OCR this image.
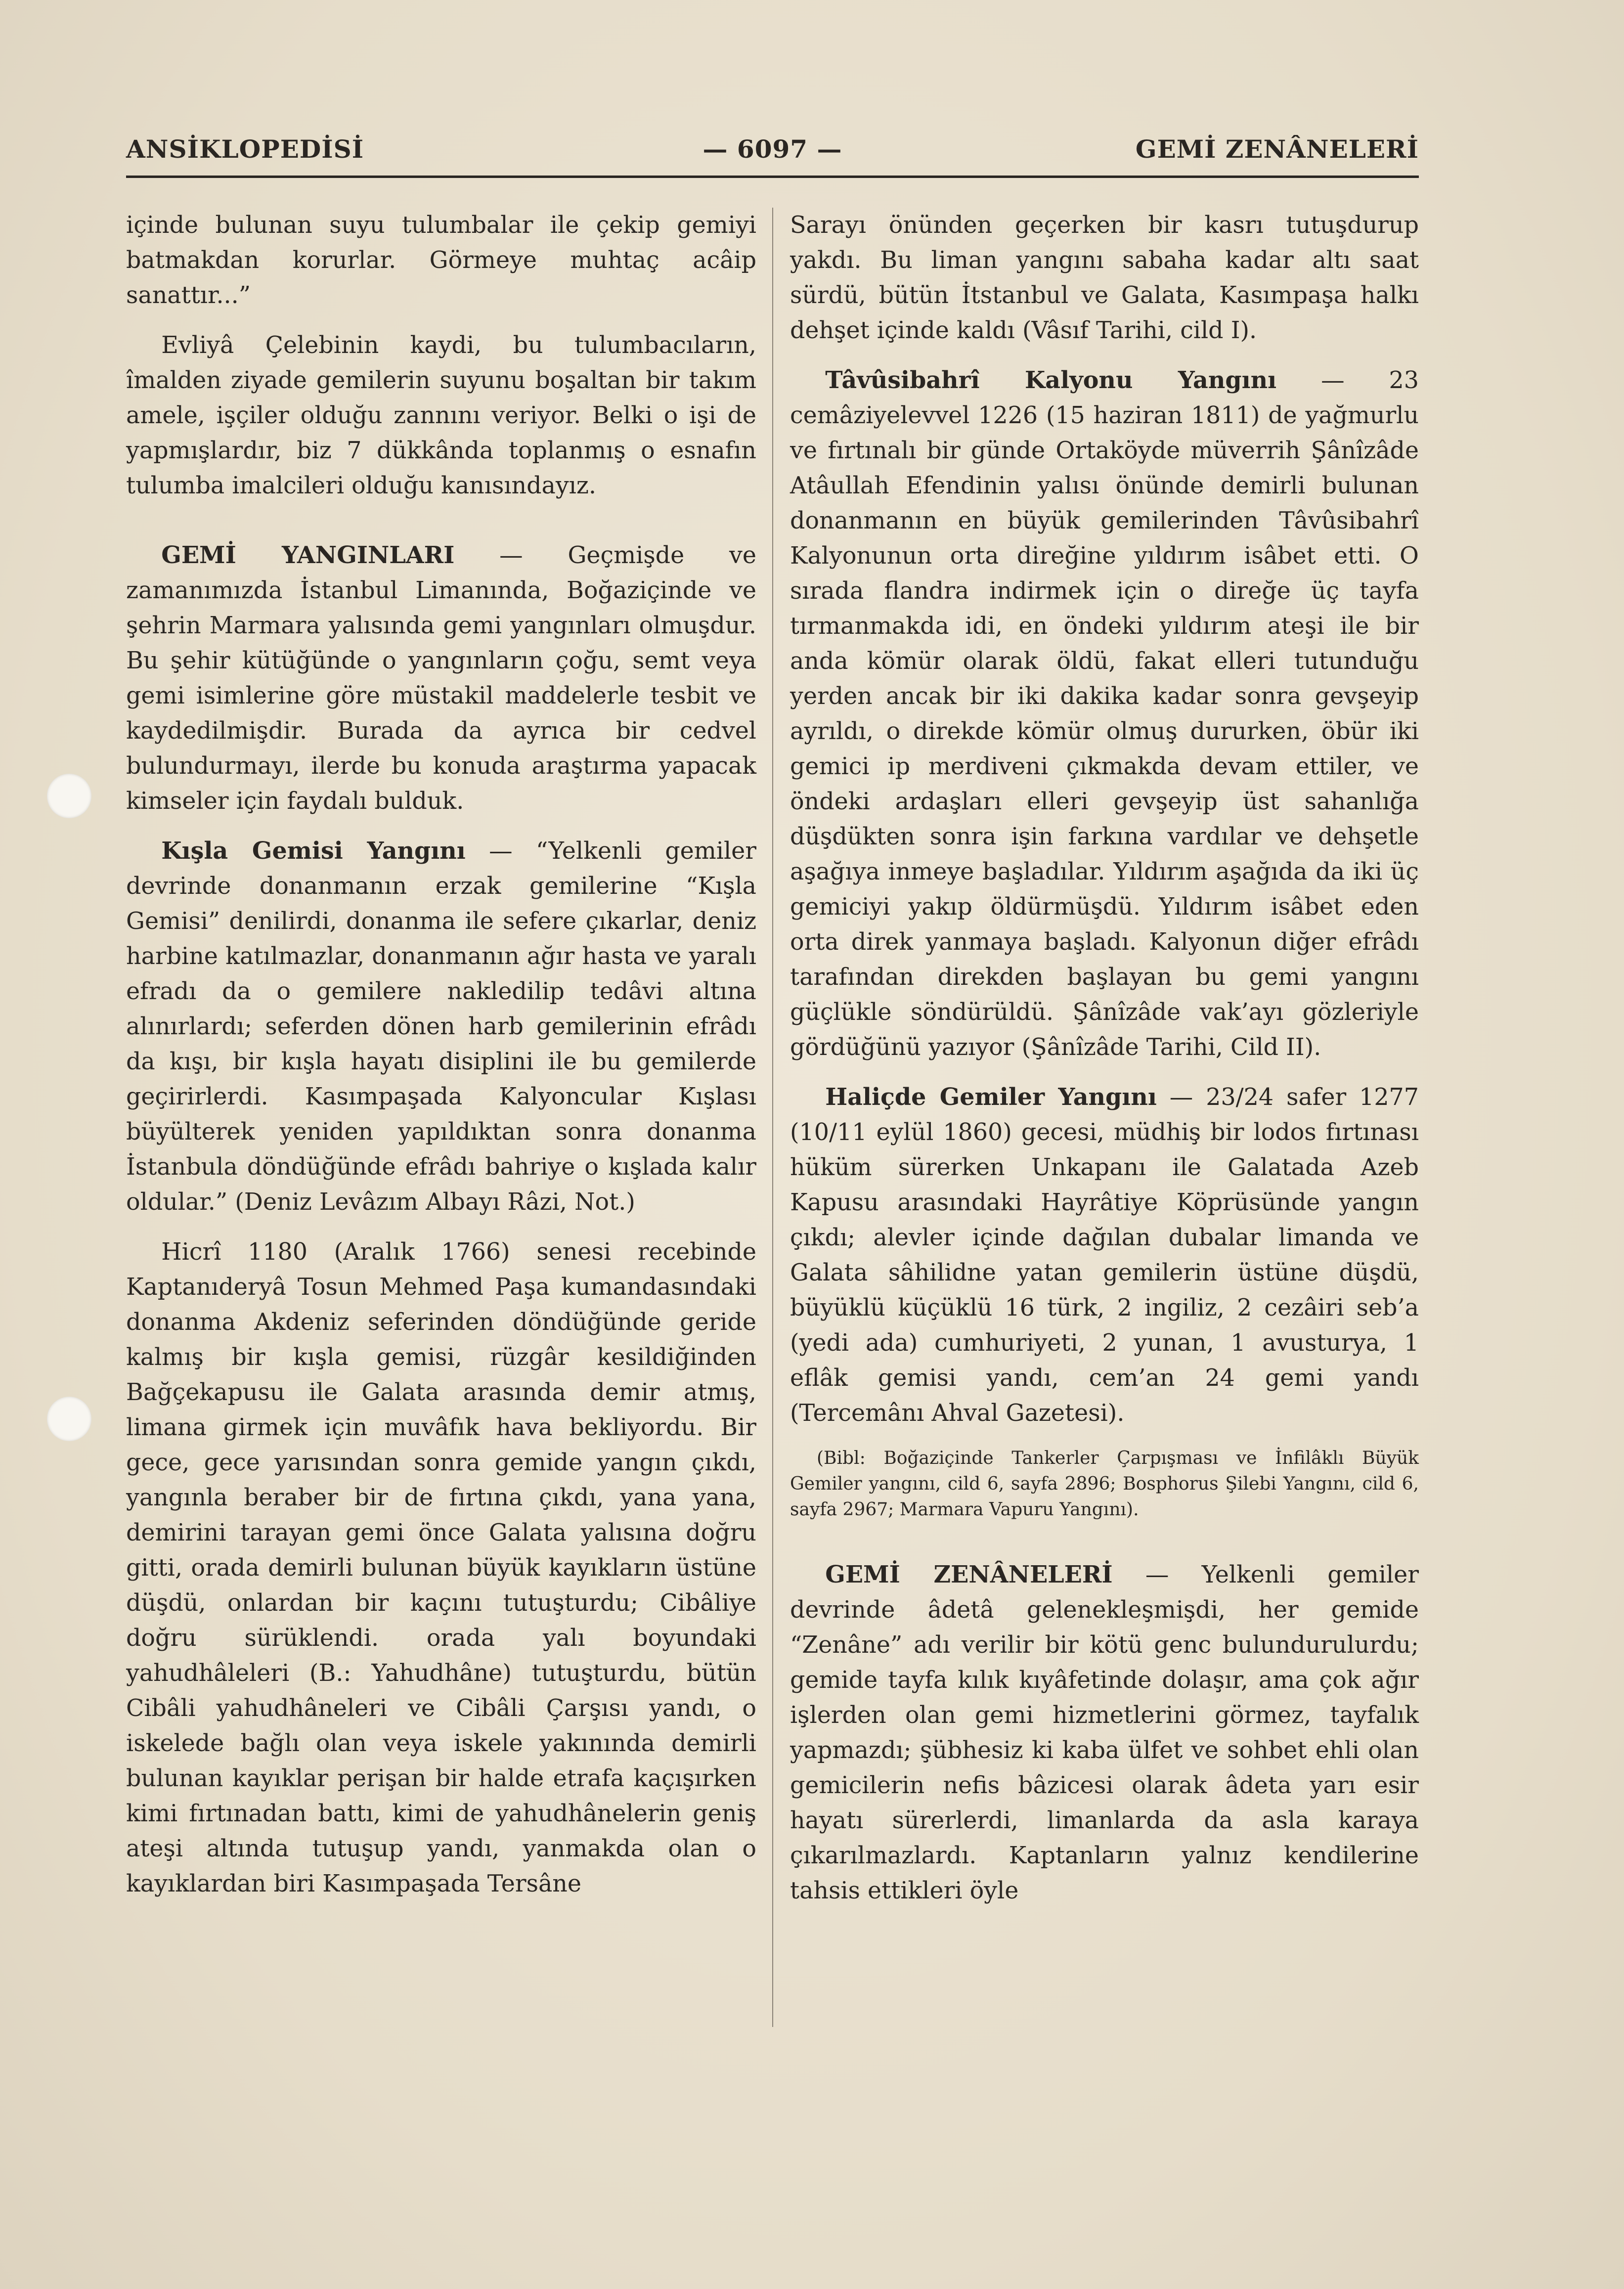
ANSİKLOPEDİSİ	— 6097 —	GEMİ ZENÂNELERİ

içinde bulunan suyu tulumbalar ile çekip gemiyi batmakdan korurlar. Görmeye muhtaç acâip sanattır...”

Evliyâ Çelebinin kaydi, bu tulumbacıların, îmalden ziyade gemilerin suyunu boşaltan bir takım amele, işçiler olduğu zannını veriyor. Belki o işi de yapmışlardır, biz 7 dükkânda toplanmış o esnafın tulumba imalcileri olduğu kanısındayız.

GEMİ YANGINLARI — Geçmişde ve zamanımızda İstanbul Limanında, Boğaziçinde ve şehrin Marmara yalısında gemi yangınları olmuşdur. Bu şehir kütüğünde o yangınların çoğu, semt veya gemi isimlerine göre müstakil maddelerle tesbit ve kaydedilmişdir. Burada da ayrıca bir cedvel bulundurmayı, ilerde bu konuda araştırma yapacak kimseler için faydalı bulduk.

Kışla Gemisi Yangını — “Yelkenli gemiler devrinde donanmanın erzak gemilerine “Kışla Gemisi” denilirdi, donanma ile sefere çıkarlar, deniz harbine katılmazlar, donanmanın ağır hasta ve yaralı efradı da o gemilere nakledilip tedâvi altına alınırlardı; seferden dönen harb gemilerinin efrâdı da kışı, bir kışla hayatı disiplini ile bu gemilerde geçirirlerdi. Kasımpaşada Kalyoncular Kışlası büyülterek yeniden yapıldıktan sonra donanma İstanbula döndüğünde efrâdı bahriye o kışlada kalır oldular.” (Deniz Levâzım Albayı Râzi, Not.)

Hicrî 1180 (Aralık 1766) senesi recebinde Kaptanıderyâ Tosun Mehmed Paşa kumandasındaki donanma Akdeniz seferinden döndüğünde geride kalmış bir kışla gemisi, rüzgâr kesildiğinden Bağçekapusu ile Galata arasında demir atmış, limana girmek için muvâfık hava bekliyordu. Bir gece, gece yarısından sonra gemide yangın çıkdı, yangınla beraber bir de fırtına çıkdı, yana yana, demirini tarayan gemi önce Galata yalısına doğru gitti, orada demirli bulunan büyük kayıkların üstüne düşdü, onlardan bir kaçını tutuşturdu; Cibâliye doğru sürüklendi. orada yalı boyundaki yahudhâleleri (B.: Yahudhâne) tutuşturdu, bütün Cibâli yahudhâneleri ve Cibâli Çarşısı yandı, o iskelede bağlı olan veya iskele yakınında demirli bulunan kayıklar perişan bir halde etrafa kaçışırken kimi fırtınadan battı, kimi de yahudhânelerin geniş ateşi altında tutuşup yandı, yanmakda olan o kayıklardan biri Kasımpaşada Tersâne

Sarayı önünden geçerken bir kasrı tutuşdurup yakdı. Bu liman yangını sabaha kadar altı saat sürdü, bütün İtstanbul ve Galata, Kasımpaşa halkı dehşet içinde kaldı (Vâsıf Tarihi, cild I).

Tâvûsibahrî Kalyonu Yangını — 23 cemâziyelevvel 1226 (15 haziran 1811) de yağmurlu ve fırtınalı bir günde Ortaköyde müverrih Şânîzâde Atâullah Efendinin yalısı önünde demirli bulunan donanmanın en büyük gemilerinden Tâvûsibahrî Kalyonunun orta direğine yıldırım isâbet etti. O sırada flandra indirmek için o direğe üç tayfa tırmanmakda idi, en öndeki yıldırım ateşi ile bir anda kömür olarak öldü, fakat elleri tutunduğu yerden ancak bir iki dakika kadar sonra gevşeyip ayrıldı, o direkde kömür olmuş dururken, öbür iki gemici ip merdiveni çıkmakda devam ettiler, ve öndeki ardaşları elleri gevşeyip üst sahanlığa düşdükten sonra işin farkına vardılar ve dehşetle aşağıya inmeye başladılar. Yıldırım aşağıda da iki üç gemiciyi yakıp öldürmüşdü. Yıldırım isâbet eden orta direk yanmaya başladı. Kalyonun diğer efrâdı tarafından direkden başlayan bu gemi yangını güçlükle söndürüldü. Şânîzâde vak’ayı gözleriyle gördüğünü yazıyor (Şânîzâde Tarihi, Cild II).

Haliçde Gemiler Yangını — 23/24 safer 1277 (10/11 eylül 1860) gecesi, müdhiş bir lodos fırtınası hüküm sürerken Unkapanı ile Galatada Azeb Kapusu arasındaki Hayrâtiye Köprüsünde yangın çıkdı; alevler içinde dağılan dubalar limanda ve Galata sâhilidne yatan gemilerin üstüne düşdü, büyüklü küçüklü 16 türk, 2 ingiliz, 2 cezâiri seb’a (yedi ada) cumhuriyeti, 2 yunan, 1 avusturya, 1 eflâk gemisi yandı, cem’an 24 gemi yandı (Tercemânı Ahval Gazetesi).

(Bibl: Boğaziçinde Tankerler Çarpışması ve İnfilâklı Büyük Gemiler yangını, cild 6, sayfa 2896; Bosphorus Şilebi Yangını, cild 6, sayfa 2967; Marmara Vapuru Yangını).

GEMİ ZENÂNELERİ — Yelkenli gemiler devrinde âdetâ gelenekleşmişdi, her gemide “Zenâne” adı verilir bir kötü genc bulundurulurdu; gemide tayfa kılık kıyâfetinde dolaşır, ama çok ağır işlerden olan gemi hizmetlerini görmez, tayfalık yapmazdı; şübhesiz ki kaba ülfet ve sohbet ehli olan gemicilerin nefis bâzicesi olarak âdeta yarı esir hayatı sürerlerdi, limanlarda da asla karaya çıkarılmazlardı. Kaptanların yalnız kendilerine tahsis ettikleri öyle
